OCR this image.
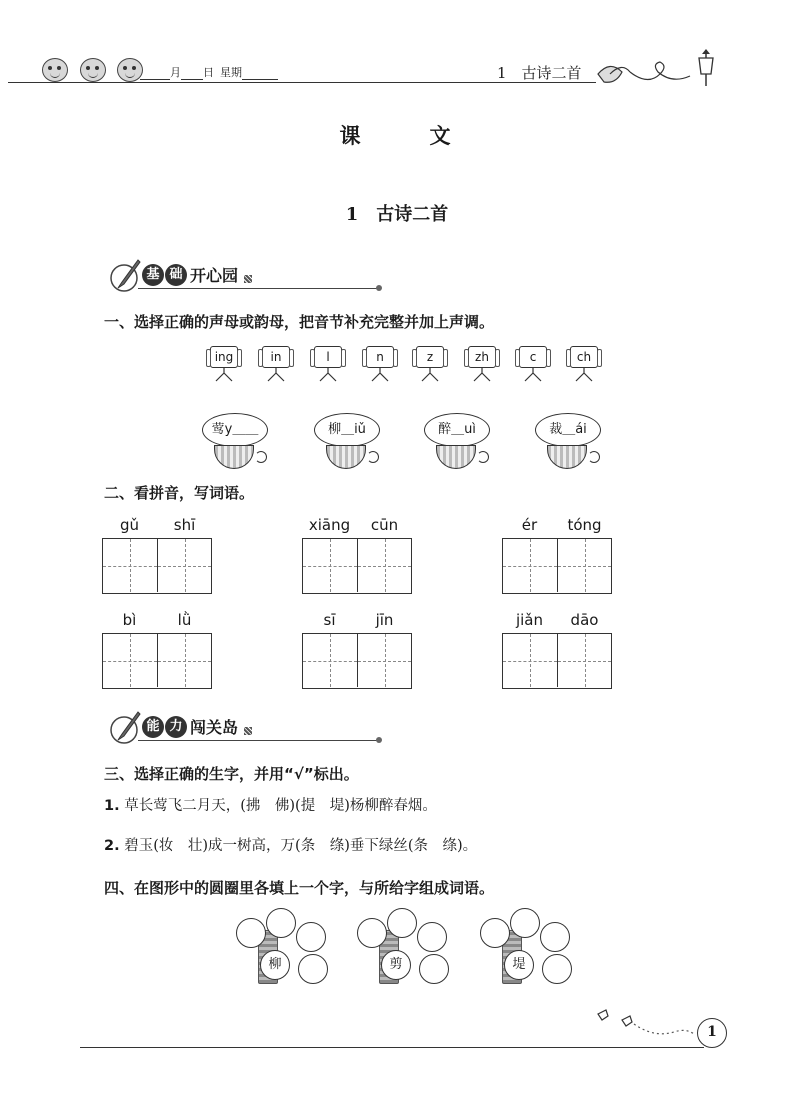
月 日 星期	1　古诗二首
课　文
1　古诗二首
基 础 开心园
一、选择正确的声母或韵母，把音节补充完整并加上声调。
ing	in	l	n	z	zh	c	ch
莺y＿＿	柳＿iǔ	醉＿uì	裁＿ái
二、看拼音，写词语。
gǔ	shī	xiāng	cūn	ér	tóng
bì	lǜ	sī	jīn	jiǎn	dāo
能 力 闯关岛
三、选择正确的生字，并用“√”标出。
1. 草长莺飞二月天，(拂　佛)(提　堤)杨柳醉春烟。
2. 碧玉(妆　壮)成一树高，万(条　绦)垂下绿丝(条　绦)。
四、在图形中的圆圈里各填上一个字，与所给字组成词语。
柳	剪	堤
1
